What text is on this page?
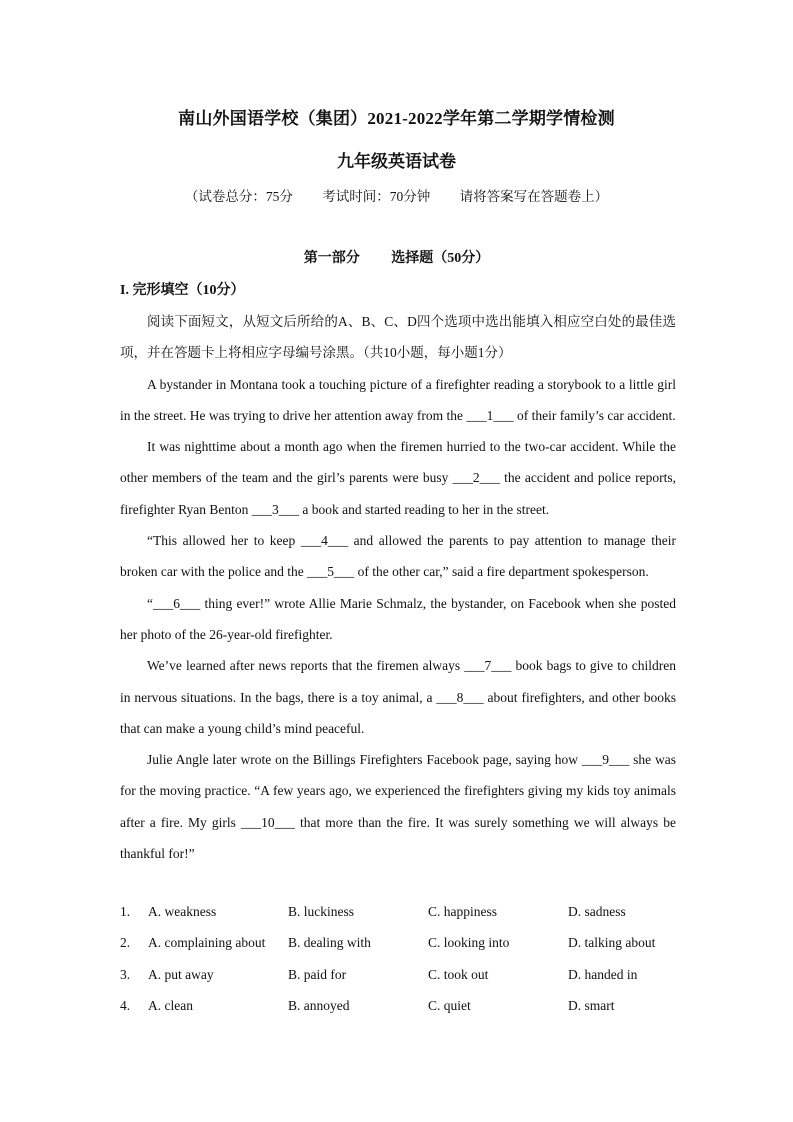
南山外国语学校（集团）2021-2022学年第二学期学情检测
九年级英语试卷
（试卷总分：75分 考试时间：70分钟 请将答案写在答题卷上）
第一部分 选择题（50分）
I. 完形填空（10分）

阅读下面短文，从短文后所给的A、B、C、D四个选项中选出能填入相应空白处的最佳选项，并在答题卡上将相应字母编号涂黑。（共10小题，每小题1分）

A bystander in Montana took a touching picture of a firefighter reading a storybook to a little girl in the street. He was trying to drive her attention away from the ___1___ of their family’s car accident.

It was nighttime about a month ago when the firemen hurried to the two-car accident. While the other members of the team and the girl’s parents were busy ___2___ the accident and police reports, firefighter Ryan Benton ___3___ a book and started reading to her in the street.

“This allowed her to keep ___4___ and allowed the parents to pay attention to manage their broken car with the police and the ___5___ of the other car,” said a fire department spokesperson.

“___6___ thing ever!” wrote Allie Marie Schmalz, the bystander, on Facebook when she posted her photo of the 26-year-old firefighter.

We’ve learned after news reports that the firemen always ___7___ book bags to give to children in nervous situations. In the bags, there is a toy animal, a ___8___ about firefighters, and other books that can make a young child’s mind peaceful.

Julie Angle later wrote on the Billings Firefighters Facebook page, saying how ___9___ she was for the moving practice. “A few years ago, we experienced the firefighters giving my kids toy animals after a fire. My girls ___10___ that more than the fire. It was surely something we will always be thankful for!”

1. A. weakness	B. luckiness	C. happiness	D. sadness
2. A. complaining about B. dealing with	C. looking into	D. talking about
3. A. put away	B. paid for	C. took out	D. handed in
4. A. clean	B. annoyed	C. quiet	D. smart
